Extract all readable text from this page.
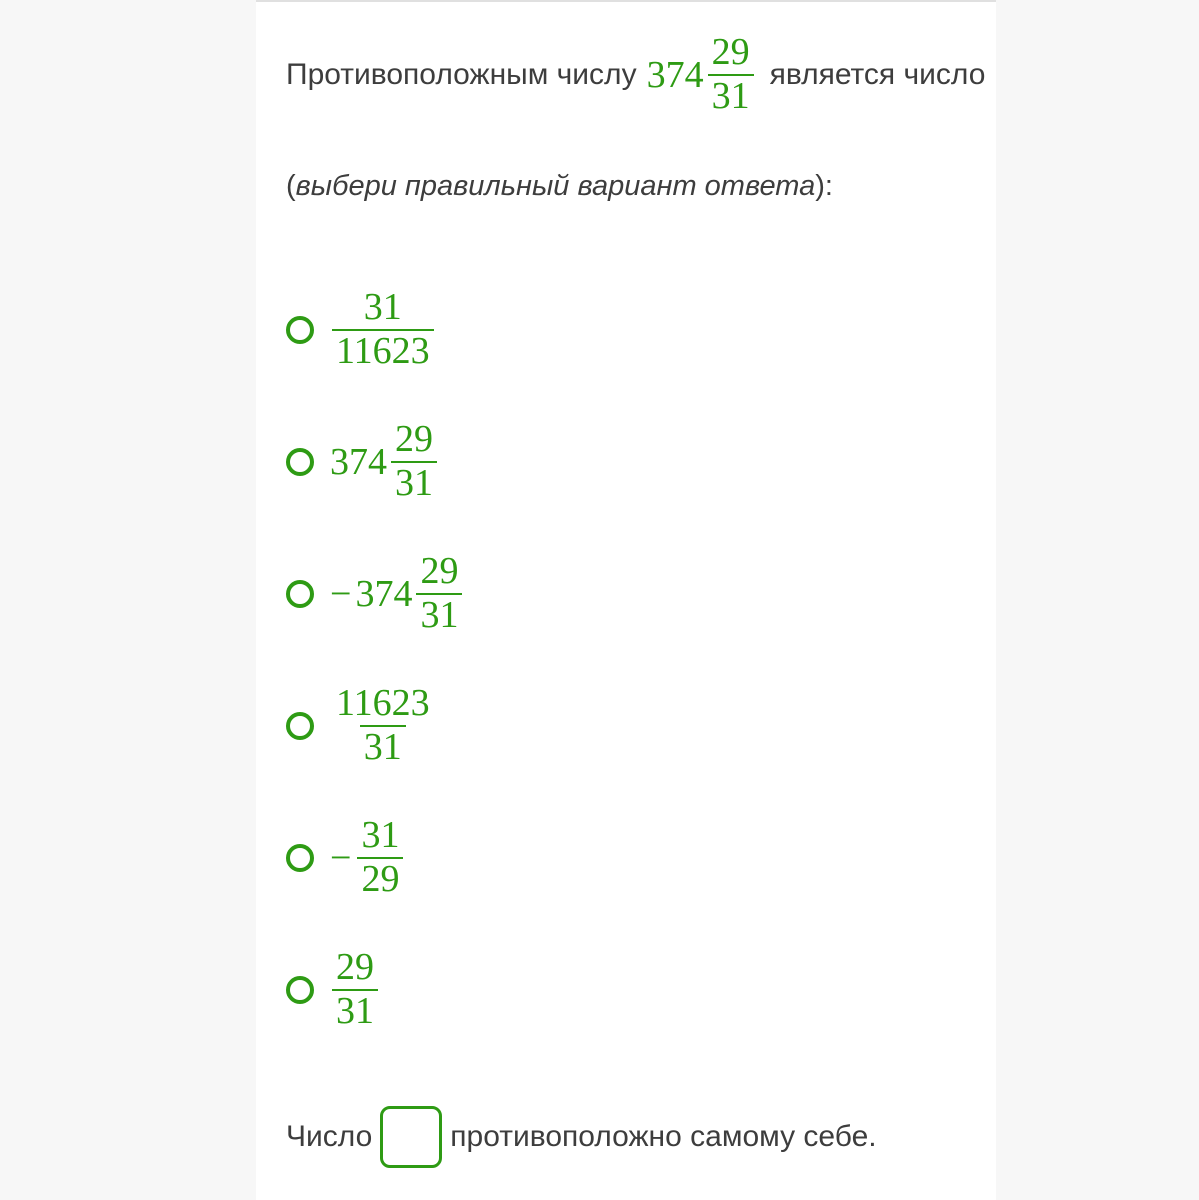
Противоположным числу $374 \frac{29}{31}$ является число
(выбери правильный вариант ответа):
$\frac{31}{11623}$
$374 \frac{29}{31}$
− $374 \frac{29}{31}$
$\frac{11623}{31}$
− $\frac{31}{29}$
$\frac{29}{31}$
Число	противоположно самому себе.
